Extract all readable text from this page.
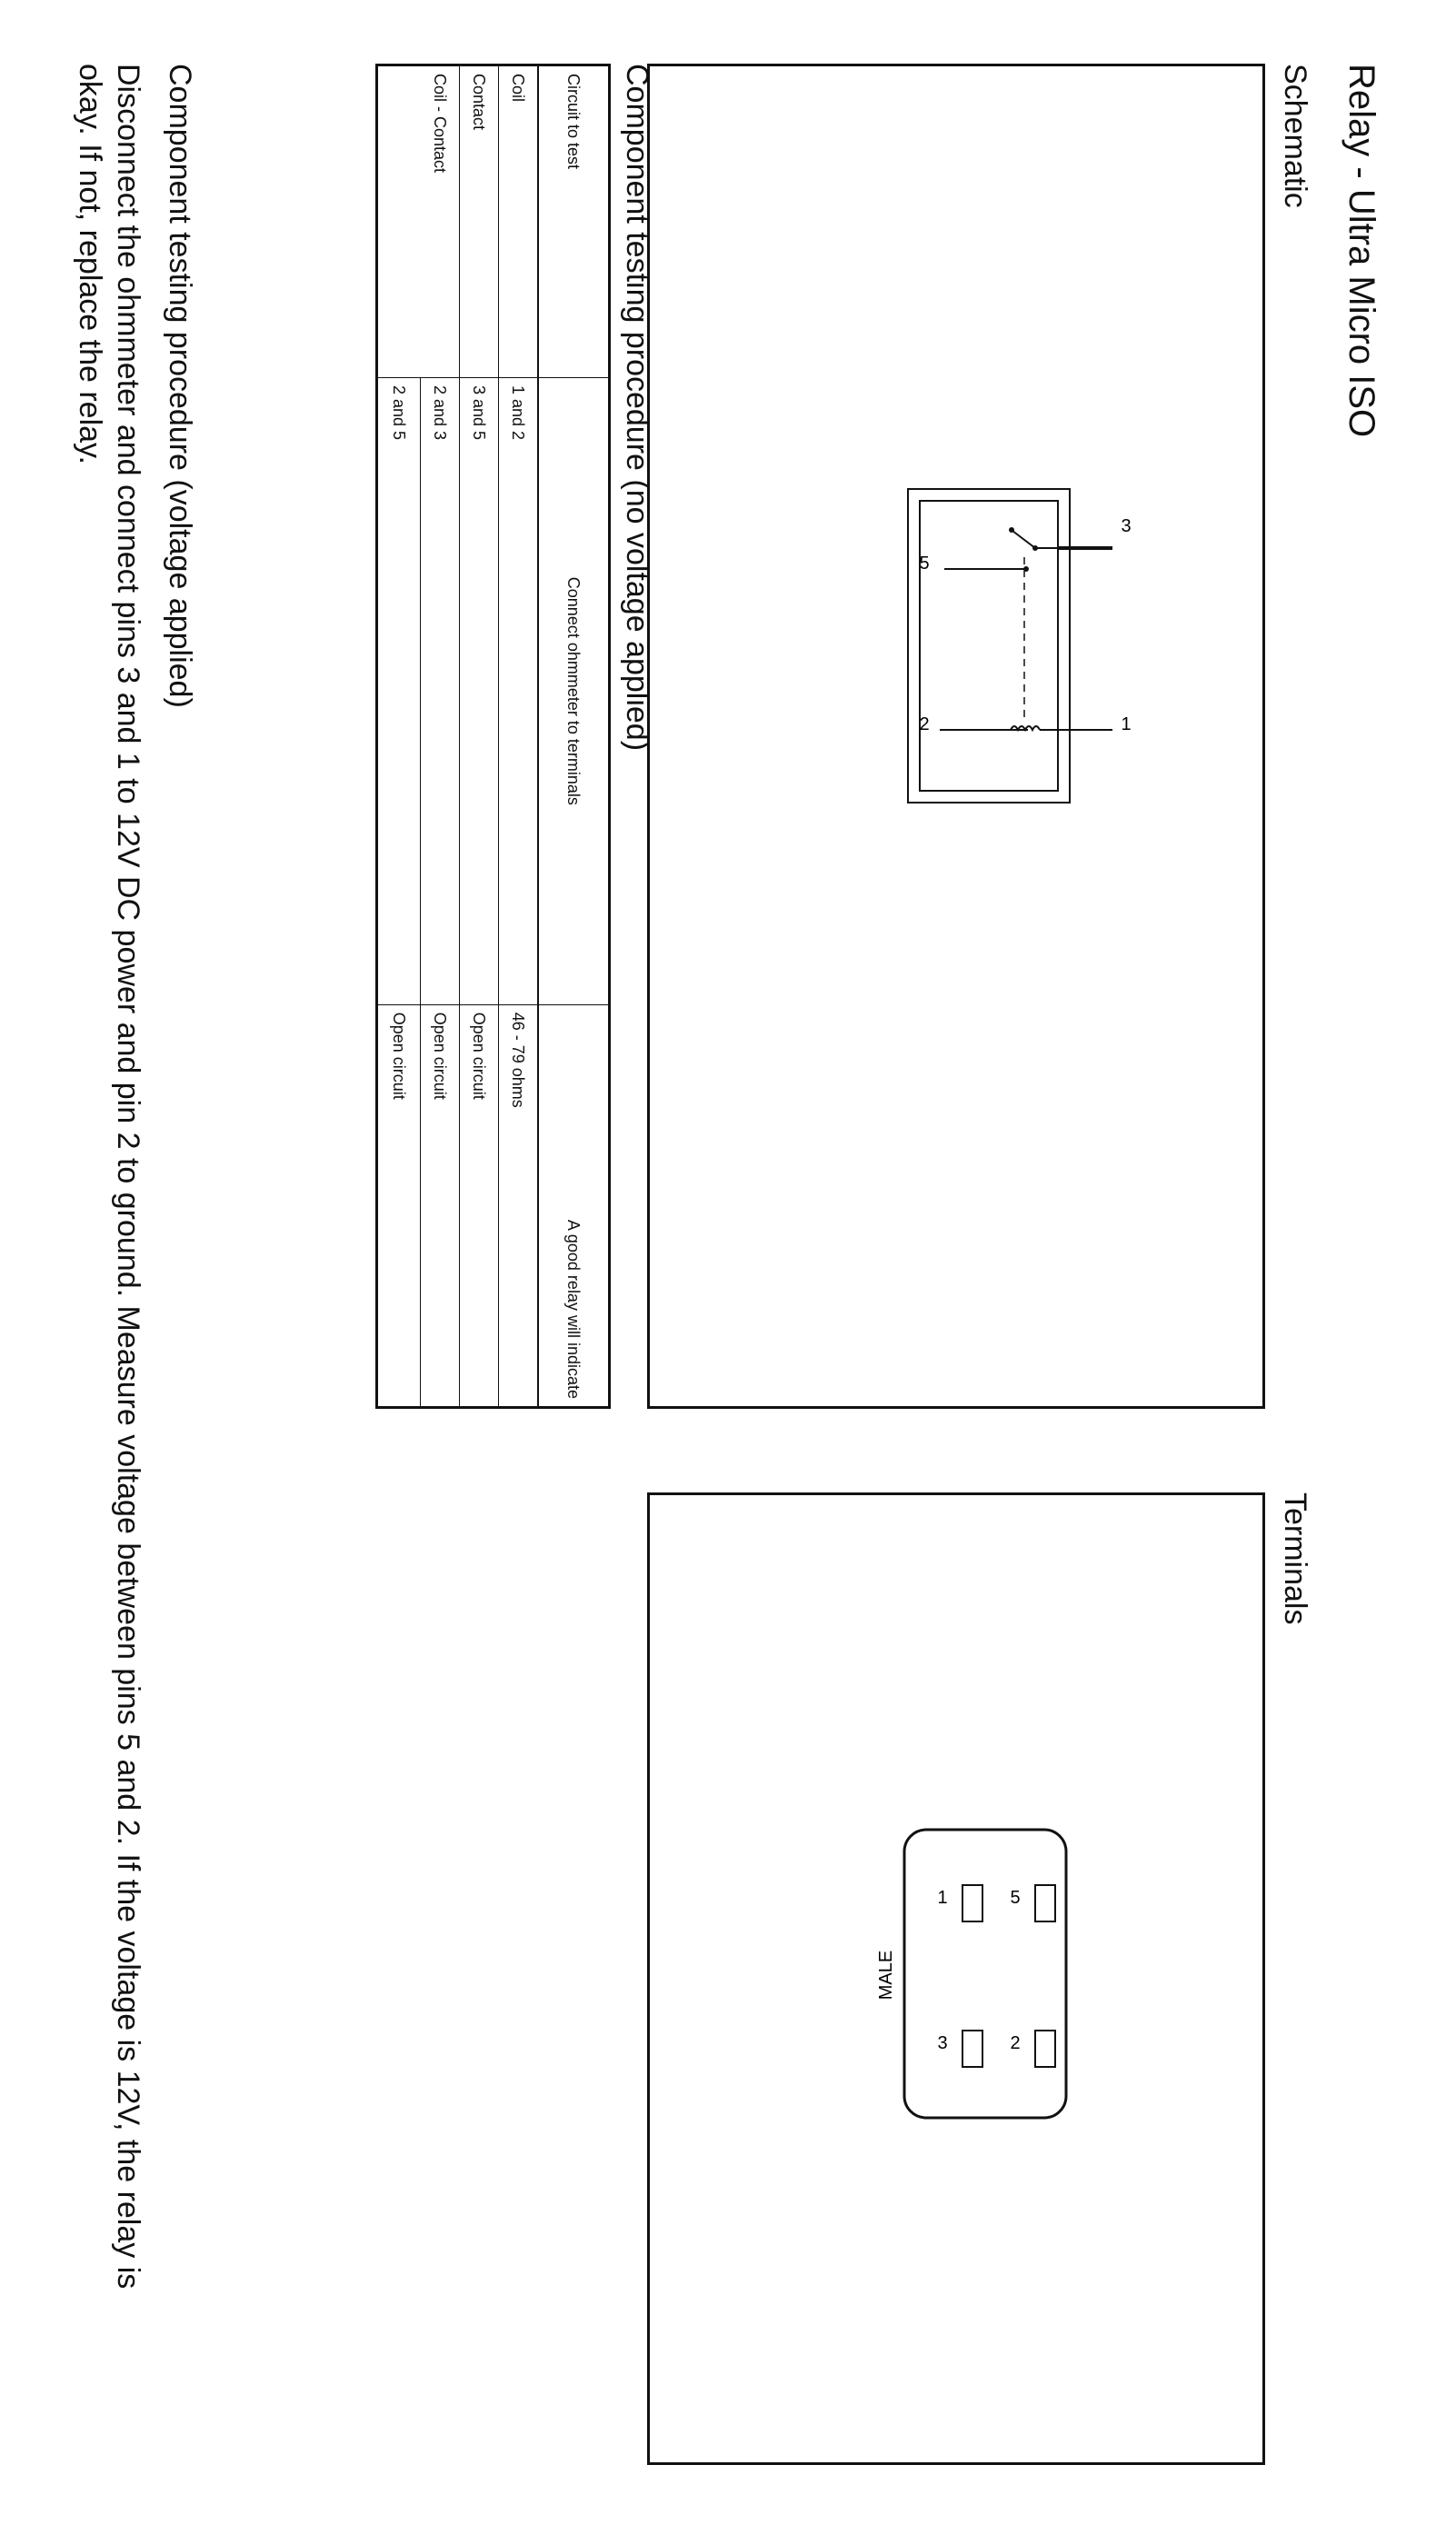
Relay - Ultra Micro ISO
Schematic
Terminals
3
1
5
2
5
2
1
3
MALE
Component testing procedure (no voltage applied)
Circuit to test	Connect ohmmeter to terminals	A good relay will indicate
Coil	1 and 2	46 - 79 ohms
Contact	3 and 5	Open circuit
Coil - Contact	2 and 3	Open circuit
	2 and 5	Open circuit
Component testing procedure (voltage applied)
Disconnect the ohmmeter and connect pins 3 and 1 to 12V DC power and pin 2 to ground. Measure voltage between pins 5 and 2. If the voltage is 12V, the relay is okay. If not, replace the relay.
